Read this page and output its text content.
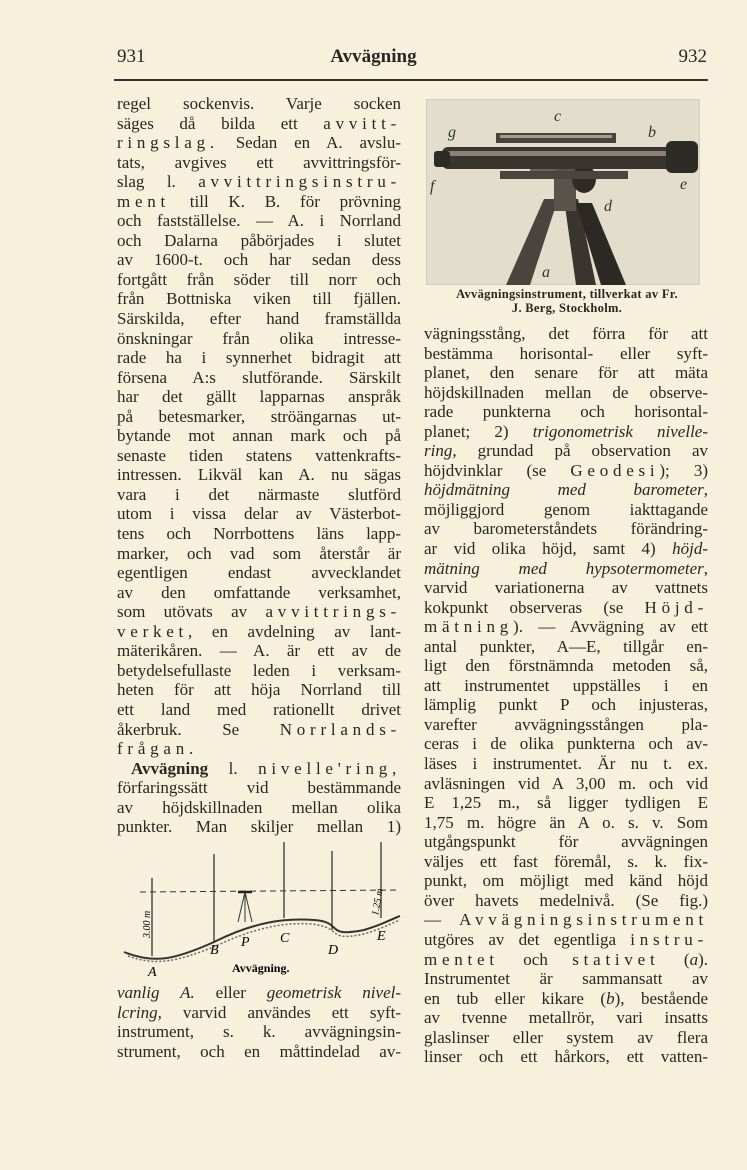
931	Avvägning	932
regel sockenvis. Varje socken
säges då bilda ett avvitt-
ringslag. Sedan en A. avslu-
tats, avgives ett avvittringsför-
slag l. avvittringsinstru-
ment till K. B. för prövning
och fastställelse. — A. i Norrland
och Dalarna påbörjades i slutet
av 1600-t. och har sedan dess
fortgått från söder till norr och
från Bottniska viken till fjällen.
Särskilda, efter hand framställda
önskningar från olika intresse-
rade ha i synnerhet bidragit att
försena A:s slutförande. Särskilt
har det gällt lapparnas anspråk
på betesmarker, ströängarnas ut-
bytande mot annan mark och på
senaste tiden statens vattenkrafts-
intressen. Likväl kan A. nu sägas
vara i det närmaste slutförd
utom i vissa delar av Västerbot-
tens och Norrbottens läns lapp-
marker, och vad som återstår är
egentligen endast avvecklandet
av den omfattande verksamhet,
som utövats av avvittrings-
verket, en avdelning av lant-
mäterikåren. — A. är ett av de
betydelsefullaste leden i verksam-
heten för att höja Norrland till
ett land med rationellt drivet
åkerbruk. Se Norrlands-
frågan.
Avvägning l. nivelle'ring,
förfaringssätt vid bestämmande
av höjdskillnaden mellan olika
punkter. Man skiljer mellan 1)
A
B
P C
D
E
3.00 m
1.25 m
Avvägning.
vanlig A. eller geometrisk nivel-
lcring, varvid användes ett syft-
instrument, s. k. avvägningsin-
strument, och en måttindelad av-
g
c
b
f	e
d
a
Avvägningsinstrument, tillverkat av Fr.
J. Berg, Stockholm.
vägningsstång, det förra för att
bestämma horisontal- eller syft-
planet, den senare för att mäta
höjdskillnaden mellan de observe-
rade punkterna och horisontal-
planet; 2) trigonometrisk nivelle-
ring, grundad på observation av
höjdvinklar (se Geodesi); 3)
höjdmätning med barometer,
möjliggjord genom iakttagande
av barometerståndets förändring-
ar vid olika höjd, samt 4) höjd-
mätning med hypsotermometer,
varvid variationerna av vattnets
kokpunkt observeras (se Höjd-
mätning). — Avvägning av ett
antal punkter, A—E, tillgår en-
ligt den förstnämnda metoden så,
att instrumentet uppställes i en
lämplig punkt P och injusteras,
varefter avvägningsstången pla-
ceras i de olika punkterna och av-
läses i instrumentet. Är nu t. ex.
avläsningen vid A 3,00 m. och vid
E 1,25 m., så ligger tydligen E
1,75 m. högre än A o. s. v. Som
utgångspunkt för avvägningen
väljes ett fast föremål, s. k. fix-
punkt, om möjligt med känd höjd
över havets medelnivå. (Se fig.)
— Avvägningsinstrument
utgöres av det egentliga instru-
mentet och stativet (a).
Instrumentet är sammansatt av
en tub eller kikare (b), bestående
av tvenne metallrör, vari insatts
glaslinser eller system av flera
linser och ett hårkors, ett vatten-
